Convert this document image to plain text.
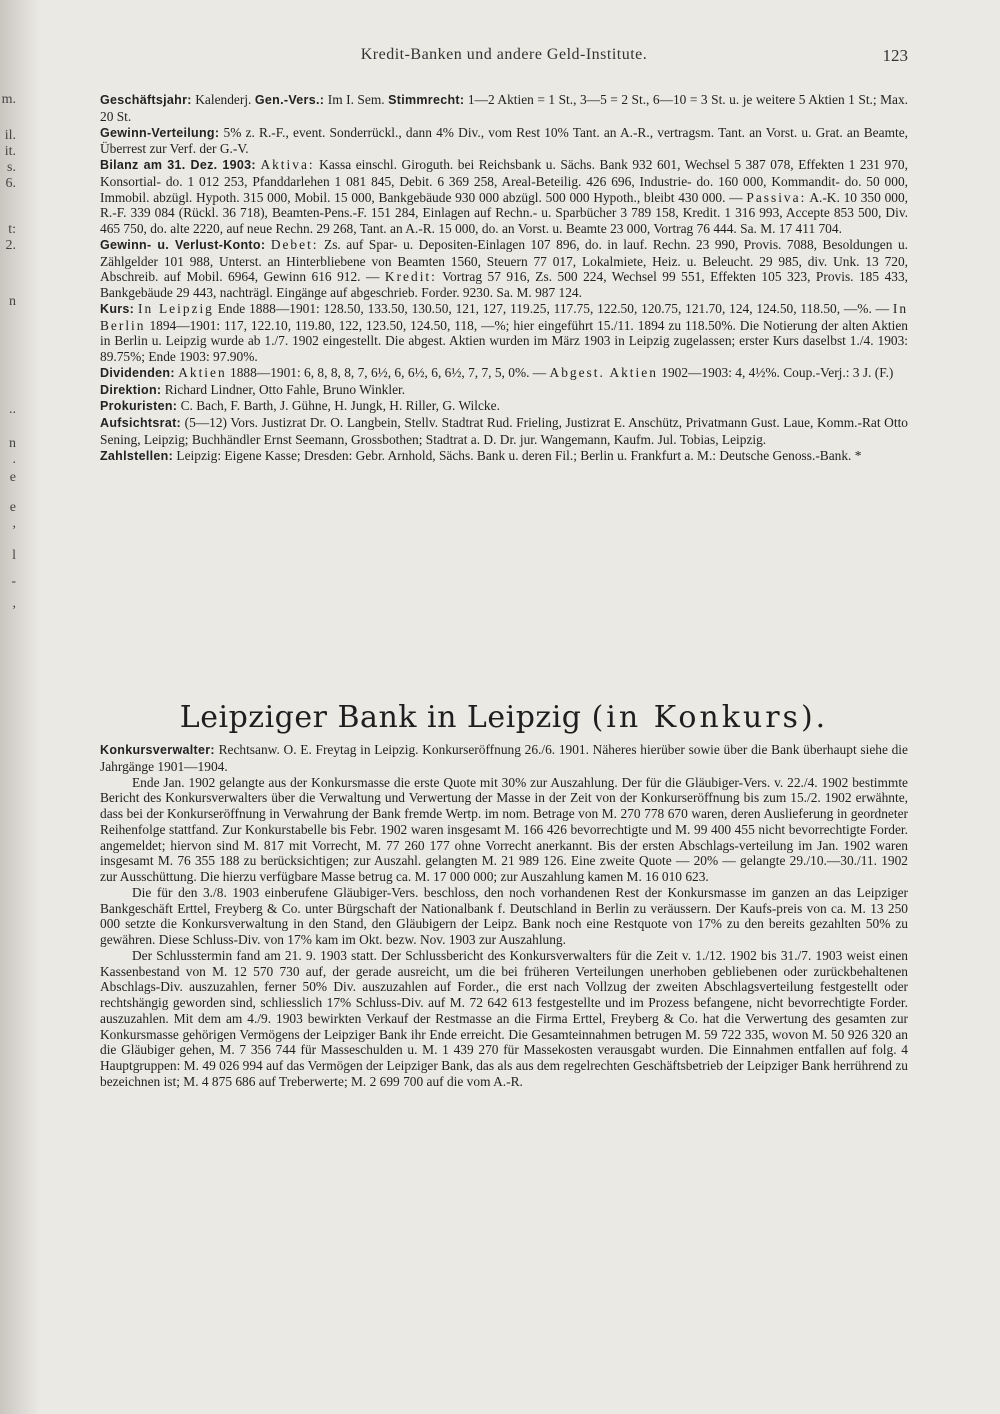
m.
il.
it.
s.
6.
t:
2.
n
..
n
.
e
e
,
l
-
,
Kredit-Banken und andere Geld-Institute.	123

Geschäftsjahr: Kalenderj. Gen.-Vers.: Im I. Sem. Stimmrecht: 1—2 Aktien = 1 St., 3—5 = 2 St., 6—10 = 3 St. u. je weitere 5 Aktien 1 St.; Max. 20 St.

Gewinn-Verteilung: 5% z. R.-F., event. Sonderrückl., dann 4% Div., vom Rest 10% Tant. an A.-R., vertragsm. Tant. an Vorst. u. Grat. an Beamte, Überrest zur Verf. der G.-V.

Bilanz am 31. Dez. 1903: Aktiva: Kassa einschl. Giroguth. bei Reichsbank u. Sächs. Bank 932 601, Wechsel 5 387 078, Effekten 1 231 970, Konsortial- do. 1 012 253, Pfanddarlehen 1 081 845, Debit. 6 369 258, Areal-Beteilig. 426 696, Industrie- do. 160 000, Kommandit- do. 50 000, Immobil. abzügl. Hypoth. 315 000, Mobil. 15 000, Bankgebäude 930 000 abzügl. 500 000 Hypoth., bleibt 430 000. — Passiva: A.-K. 10 350 000, R.-F. 339 084 (Rückl. 36 718), Beamten-Pens.-F. 151 284, Einlagen auf Rechn.- u. Sparbücher 3 789 158, Kredit. 1 316 993, Accepte 853 500, Div. 465 750, do. alte 2220, auf neue Rechn. 29 268, Tant. an A.-R. 15 000, do. an Vorst. u. Beamte 23 000, Vortrag 76 444. Sa. M. 17 411 704.

Gewinn- u. Verlust-Konto: Debet: Zs. auf Spar- u. Depositen-Einlagen 107 896, do. in lauf. Rechn. 23 990, Provis. 7088, Besoldungen u. Zählgelder 101 988, Unterst. an Hinterbliebene von Beamten 1560, Steuern 77 017, Lokalmiete, Heiz. u. Beleucht. 29 985, div. Unk. 13 720, Abschreib. auf Mobil. 6964, Gewinn 616 912. — Kredit: Vortrag 57 916, Zs. 500 224, Wechsel 99 551, Effekten 105 323, Provis. 185 433, Bankgebäude 29 443, nachträgl. Eingänge auf abgeschrieb. Forder. 9230. Sa. M. 987 124.

Kurs: In Leipzig Ende 1888—1901: 128.50, 133.50, 130.50, 121, 127, 119.25, 117.75, 122.50, 120.75, 121.70, 124, 124.50, 118.50, —%. — In Berlin 1894—1901: 117, 122.10, 119.80, 122, 123.50, 124.50, 118, —%; hier eingeführt 15./11. 1894 zu 118.50%. Die Notierung der alten Aktien in Berlin u. Leipzig wurde ab 1./7. 1902 eingestellt. Die abgest. Aktien wurden im März 1903 in Leipzig zugelassen; erster Kurs daselbst 1./4. 1903: 89.75%; Ende 1903: 97.90%.

Dividenden: Aktien 1888—1901: 6, 8, 8, 8, 7, 6½, 6, 6½, 6, 6½, 7, 7, 5, 0%. — Abgest. Aktien 1902—1903: 4, 4½%. Coup.-Verj.: 3 J. (F.)

Direktion: Richard Lindner, Otto Fahle, Bruno Winkler.

Prokuristen: C. Bach, F. Barth, J. Gühne, H. Jungk, H. Riller, G. Wilcke.

Aufsichtsrat: (5—12) Vors. Justizrat Dr. O. Langbein, Stellv. Stadtrat Rud. Frieling, Justizrat E. Anschütz, Privatmann Gust. Laue, Komm.-Rat Otto Sening, Leipzig; Buchhändler Ernst Seemann, Grossbothen; Stadtrat a. D. Dr. jur. Wangemann, Kaufm. Jul. Tobias, Leipzig.

Zahlstellen: Leipzig: Eigene Kasse; Dresden: Gebr. Arnhold, Sächs. Bank u. deren Fil.; Berlin u. Frankfurt a. M.: Deutsche Genoss.-Bank. *

Leipziger Bank in Leipzig (in Konkurs).

Konkursverwalter: Rechtsanw. O. E. Freytag in Leipzig. Konkurseröffnung 26./6. 1901. Näheres hierüber sowie über die Bank überhaupt siehe die Jahrgänge 1901—1904.

Ende Jan. 1902 gelangte aus der Konkursmasse die erste Quote mit 30% zur Auszahlung. Der für die Gläubiger-Vers. v. 22./4. 1902 bestimmte Bericht des Konkursverwalters über die Verwaltung und Verwertung der Masse in der Zeit von der Konkurseröffnung bis zum 15./2. 1902 erwähnte, dass bei der Konkurseröffnung in Verwahrung der Bank fremde Wertp. im nom. Betrage von M. 270 778 670 waren, deren Auslieferung in geordneter Reihenfolge stattfand. Zur Konkurstabelle bis Febr. 1902 waren insgesamt M. 166 426 bevorrechtigte und M. 99 400 455 nicht bevorrechtigte Forder. angemeldet; hiervon sind M. 817 mit Vorrecht, M. 77 260 177 ohne Vorrecht anerkannt. Bis der ersten Abschlags-verteilung im Jan. 1902 waren insgesamt M. 76 355 188 zu berücksichtigen; zur Auszahl. gelangten M. 21 989 126. Eine zweite Quote — 20% — gelangte 29./10.—30./11. 1902 zur Ausschüttung. Die hierzu verfügbare Masse betrug ca. M. 17 000 000; zur Auszahlung kamen M. 16 010 623.

Die für den 3./8. 1903 einberufene Gläubiger-Vers. beschloss, den noch vorhandenen Rest der Konkursmasse im ganzen an das Leipziger Bankgeschäft Erttel, Freyberg & Co. unter Bürgschaft der Nationalbank f. Deutschland in Berlin zu veräussern. Der Kaufs-preis von ca. M. 13 250 000 setzte die Konkursverwaltung in den Stand, den Gläubigern der Leipz. Bank noch eine Restquote von 17% zu den bereits gezahlten 50% zu gewähren. Diese Schluss-Div. von 17% kam im Okt. bezw. Nov. 1903 zur Auszahlung.

Der Schlusstermin fand am 21. 9. 1903 statt. Der Schlussbericht des Konkursverwalters für die Zeit v. 1./12. 1902 bis 31./7. 1903 weist einen Kassenbestand von M. 12 570 730 auf, der gerade ausreicht, um die bei früheren Verteilungen unerhoben gebliebenen oder zurückbehaltenen Abschlags-Div. auszuzahlen, ferner 50% Div. auszuzahlen auf Forder., die erst nach Vollzug der zweiten Abschlagsverteilung festgestellt oder rechtshängig geworden sind, schliesslich 17% Schluss-Div. auf M. 72 642 613 festgestellte und im Prozess befangene, nicht bevorrechtigte Forder. auszuzahlen. Mit dem am 4./9. 1903 bewirkten Verkauf der Restmasse an die Firma Erttel, Freyberg & Co. hat die Verwertung des gesamten zur Konkursmasse gehörigen Vermögens der Leipziger Bank ihr Ende erreicht. Die Gesamteinnahmen betrugen M. 59 722 335, wovon M. 50 926 320 an die Gläubiger gehen, M. 7 356 744 für Masseschulden u. M. 1 439 270 für Massekosten verausgabt wurden. Die Einnahmen entfallen auf folg. 4 Hauptgruppen: M. 49 026 994 auf das Vermögen der Leipziger Bank, das als aus dem regelrechten Geschäftsbetrieb der Leipziger Bank herrührend zu bezeichnen ist; M. 4 875 686 auf Treberwerte; M. 2 699 700 auf die vom A.-R.
